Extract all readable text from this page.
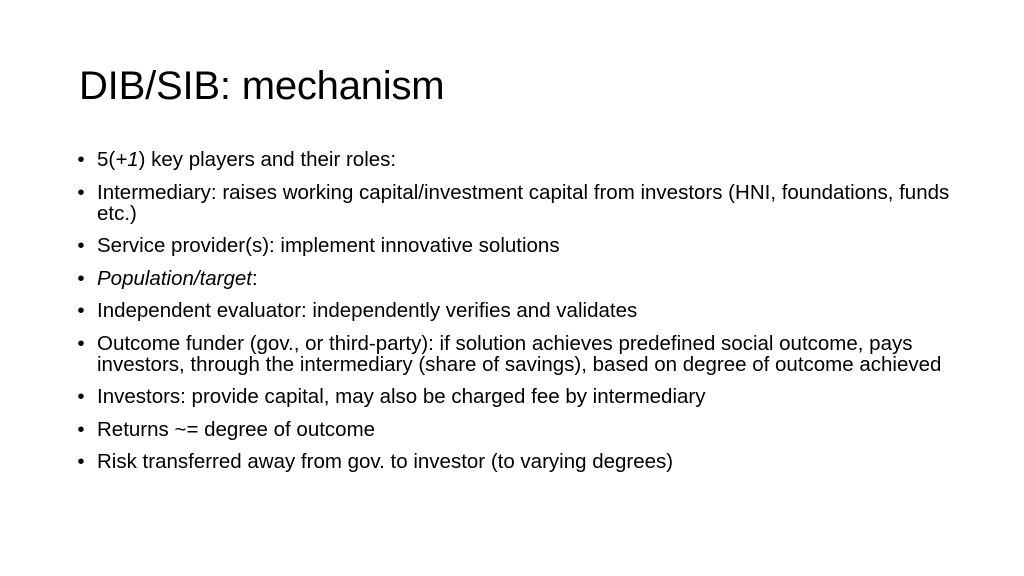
DIB/SIB: mechanism
• 5(+1) key players and their roles:
• Intermediary: raises working capital/investment capital from investors (HNI, foundations, funds etc.)
• Service provider(s): implement innovative solutions
• Population/target:
• Independent evaluator: independently verifies and validates
• Outcome funder (gov., or third-party): if solution achieves predefined social outcome, pays investors, through the intermediary (share of savings), based on degree of outcome achieved
• Investors: provide capital, may also be charged fee by intermediary
• Returns ~= degree of outcome
• Risk transferred away from gov. to investor (to varying degrees)
